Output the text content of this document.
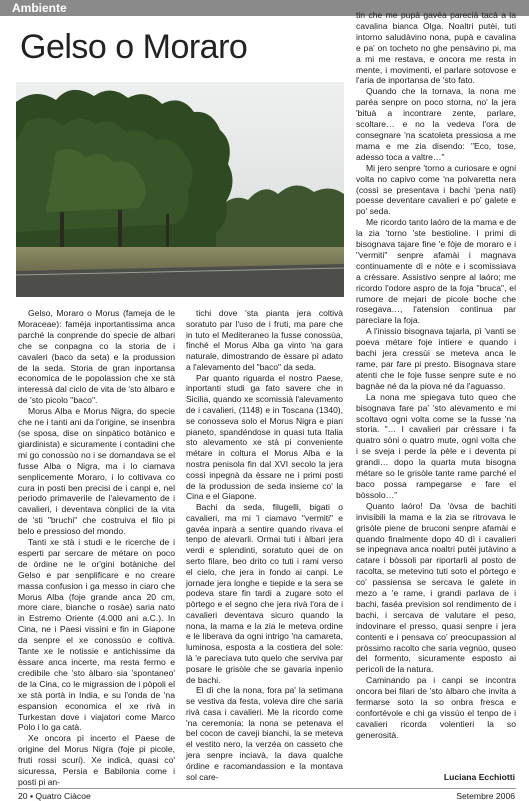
Ambiente
Gelso o Moraro

Gelso, Moraro o Morus (fameja de le Moraceae): faméja inportantissima anca parché la conprende do specie de albari che se conpagna co la storia de i cavaleri (baco da seta) e la produssion de la seda. Storia de gran inportansa economica de le popolassion che xe stà interessà dal ciclo de vita de 'sto àlbaro e de 'sto picolo "baco".

Morus Alba e Morus Nigra, do specie che ne i tanti ani da l'origine, se insenbra (se sposa, dise on sinpàtico botànico e giardinista) e sicuramente i contadini che mi go conossùo no i se domandava se el fusse Alba o Nigra, ma i lo ciamava senplicemente Moraro, i lo coltivava co cura in posti ben precisi de i canpi e, nel periodo primaverile de l'alevamento de i cavalieri, i deventava cònplici de la vita de 'sti "bruchi" che costruiva el filo pi belo e pressioso del mondo.

Tanti xe stà i studi e le ricerche de i esperti par sercare de métare on poco de órdine ne le or'gini botàniche del Gelso e par senplificare e no creare massa confusion i ga messo in ciaro che Morus Alba (foje grande anca 20 cm, more ciare, bianche o rosàe) saria nato in Estremo Oriente (4.000 ani a.C.). In Cina, ne i Paesi vissini e fin in Giapone da senpre el xe conossùo e coltivà. Tante xe le notissie e antichissime da èssare anca incerte, ma resta fermo e credibile che 'sto àlbaro sia 'spontaneo' de la Cina, co le migrassion de i pòpoli el xe stà portà in India, e su l'onda de 'na espansion economica el xe rivà in Turkestan dove i viajatori come Marco Polo i lo ga catà.

Xe oncora pì incerto el Paese de origine del Morus Nigra (foje pi picole, fruti rossi scuri). Xe indicà, quasi co' sicuressa, Persia e Babilonia come i posti pi an-

tichi dove 'sta pianta jera coltivà soratuto par l'uso de i fruti, ma pare che in tuto el Mediteraneo la fusse conossùa, finché el Morus Alba ga vinto 'na gara naturale, dimostrando de èssare pì adato a l'alevamento del "baco" da seda.

Par quanto riguarda el nostro Paese, inportanti studi ga fato savere che in Sicilia, quando xe scomissià l'alevamento de i cavalieri, (1148) e in Toscana (1340), se conosseva solo el Morus Nigra e pian pianeto, spandéndose in quasi tuta Italia sto alevamento xe stà pi conveniente métare in coltura el Morus Alba e la nostra penisola fin dal XVI secolo la jera cossì inpegnà da èssare ne i primi posti de la produssion de seda insieme co' la Cina e el Giapone.

Bachi da seda, filugelli, bigati o cavalieri, ma mi 'i ciamavo "vermiti" e gavéa inparà a sentire quando rivava el tenpo de alevarli. Ormai tuti i àlbari jera verdi e splendinti, soratuto quei de on serto filare, beo drito co tuti i rami verso el cielo, che jera in fondo ai canpi. Le jornade jera longhe e tiepide e la sera se podeva stare fin tardi a zugare soto el pòrtego e el segno che jera rivà l'ora de i cavalieri deventava sicuro quando la nona, la mama e la zia le meteva ordine e le liberava da ogni intrigo 'na camareta, luminosa, esposta a la costiera del sole: là 'e parecìava tuto quelo che serviva par posare le grisòle che se gavaria inpenìo de bachi.

El dì che la nona, fora pa' la setimana se vestiva da festa, voleva dire che saria rivà casa i cavalieri. Me la ricordo come 'na ceremonia: la nona se petenava el bel cocon de caveji bianchi, la se meteva el vestito nero, la verzéa on casseto che jera senpre inciavà, la dava qualche órdine e racomandassion e la montava sol care-

tin che me pupà gavéa parecià tacà a la cavalina bianca Olga. Noaltri putèi, tuti intorno saludàvino nona, pupà e cavalina e pa' on tocheto no ghe pensàvino pi, ma a mi me restava, e oncora me resta in mente, i movimenti, el parlare sotovose e l'aria de inportansa de 'sto fato.

Quando che la tornava, la nona me paréa senpre on poco storna, no' la jera 'bituà a incontrare zente, parlare, scoltare… e no la vedeva l'ora de consegnare 'na scatoleta pressiosa a me mama e me zia disendo: "Eco, tose, adesso toca a valtre…"

Mi jero senpre 'torno a curiosare e ogni volta no capivo come 'na polvaretta nera (cossì se presentava i bachi 'pena nati) poesse deventare cavalieri e po' galete e po' seda.

Me ricordo tanto laóro de la mama e de la zia 'torno 'ste bestioline. I primi di bisognava tajare fine 'e fòje de moraro e i "vermiti" senpre afamài i magnava continuamente dì e nòte e i scomissiava a crèssare. Assistivo senpre al laóro; me ricordo l'odore aspro de la foja "bruca", el rumore de mejari de picole boche che rosegava…, l'atension continua par parecìare la foja.

A l'inissio bisognava tajarla, pì 'vanti se poeva métare foje intiere e quando i bachi jera cressùi se meteva anca le rame, par fare pi presto. Bisognava stare atenti che le foje fusse senpre sute e no bagnàe né da la piova né da l'aguasso.

La nona me spiegava tuto queo che bisognava fare pa' 'sto alevamento e mi scoltavo ogni volta come se la fusse 'na storia. "… I cavalieri par crèssare i fa quatro sòni o quatro mute, ogni volta che i se sveja i perde la pèle e i deventa pi grandi… dopo la quarta muta bisogna métare so le grisòle tante rame parché el baco possa rampegarse e fare el bòssolo…"

Quanto laóro! Da 'òvsa de bachiti invisibili la mama e la zia se ritrovava le grisòle piene de bruconi senpre afamài e quando finalmente dopo 40 dì i cavalieri se inpegnava anca noaltri putèi jutàvino a catare i bòssoli par riportarli al posto de racolta, se metevino tuti soto el pòrtego e co' passiensa se sercava le galete in mezo a 'e rame, i grandi parlava de i bachi, faséa prevision sol rendimento de i bachi, i sercava de valutare el peso, indovinare el presso, quasi senpre i jera contenti e i pensava co' preocupassion al pròssimo racolto che saria vegnùo, quseo del formento, sicuramente esposto ai pericoli de la natura.

Caminando pa i canpi se incontra oncora bei filari de 'sto àlbaro che invita a fermarse soto la so onbra fresca e confortévole e chi ga vissùo el tenpo de i cavalieri ricorda volentieri la so generosità.

Luciana Ecchiotti
20 ▪ Quatro Ciàcoe	Setembre 2006
